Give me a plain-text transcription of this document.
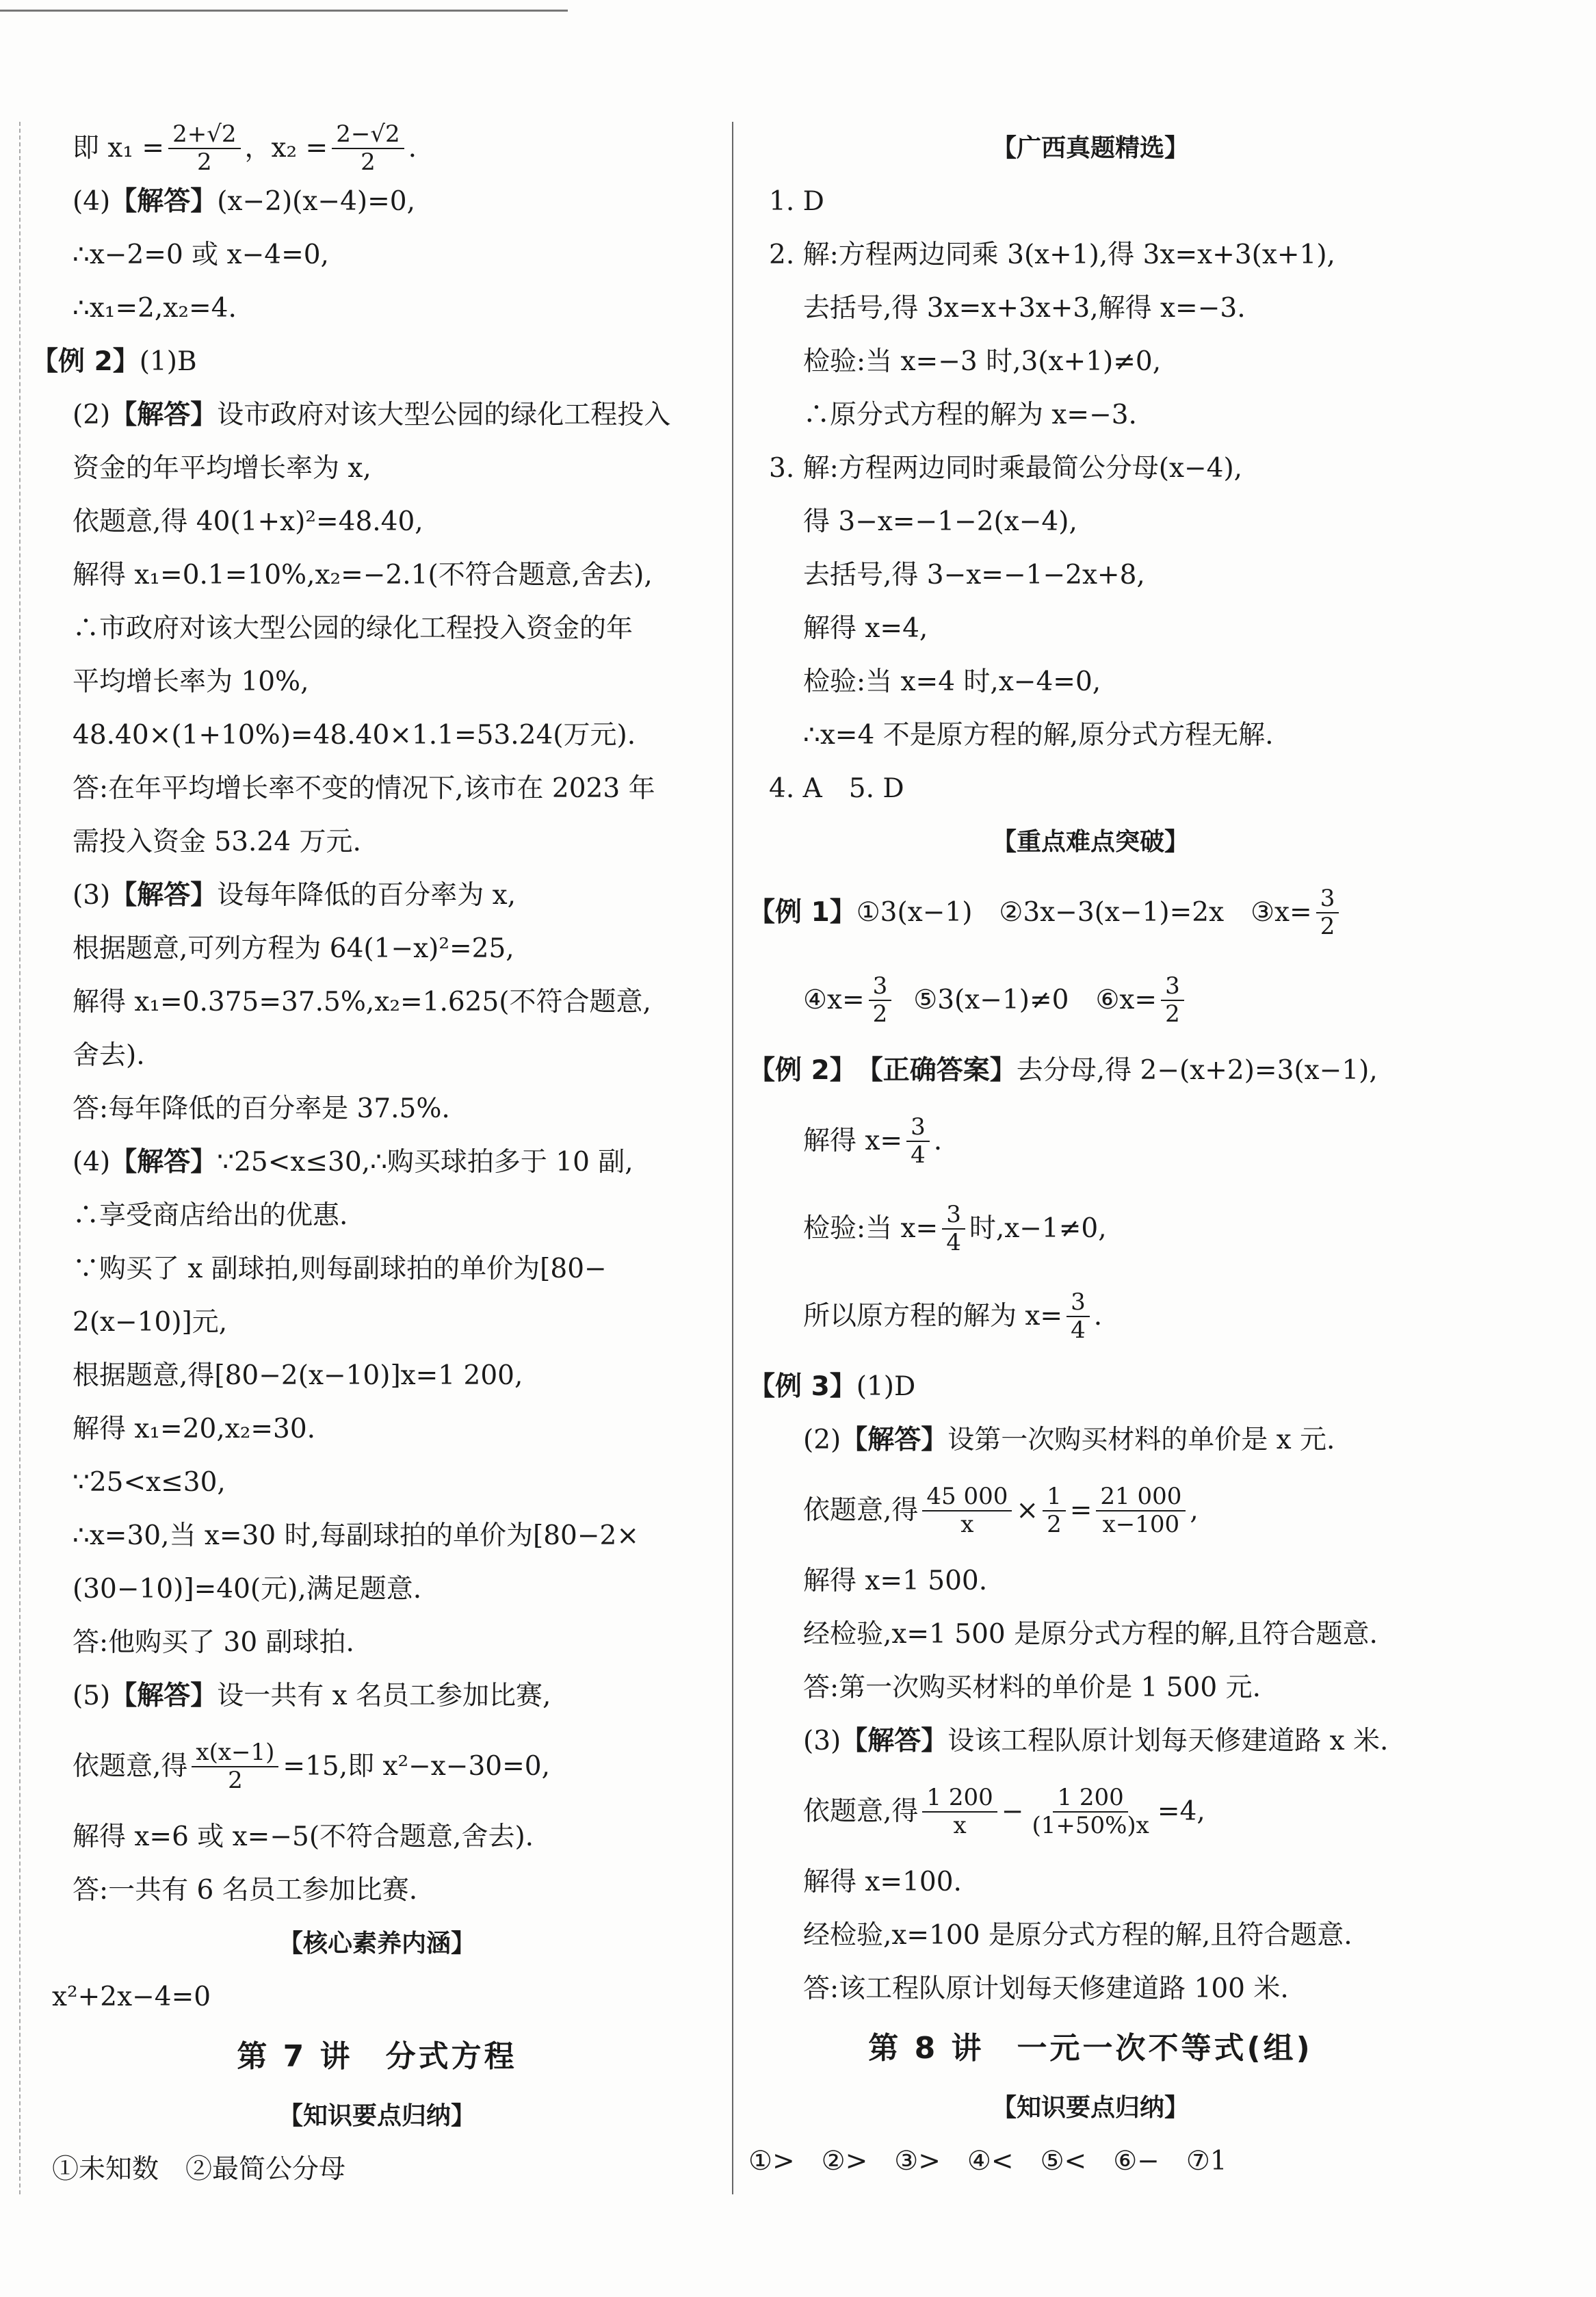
即 $x_1 = \frac{2+√2}{2}$ ，$x_2 = \frac{2-√2}{2}$ .
(4) 【解答】 (x−2)(x−4)=0,
∴x−2=0 或 x−4=0,
∴x₁=2,x₂=4.
【例 2】 (1)B
(2) 【解答】 设市政府对该大型公园的绿化工程投入
资金的年平均增长率为 x,
依题意,得 40(1+x)²=48.40,
解得 x₁=0.1=10%,x₂=−2.1(不符合题意,舍去),
∴市政府对该大型公园的绿化工程投入资金的年
平均增长率为 10%,
48.40×(1+10%)=48.40×1.1=53.24(万元).
答:在年平均增长率不变的情况下,该市在 2023 年
需投入资金 53.24 万元.
(3) 【解答】 设每年降低的百分率为 x,
根据题意,可列方程为 64(1−x)²=25,
解得 x₁=0.375=37.5%,x₂=1.625(不符合题意,
舍去).
答:每年降低的百分率是 37.5%.
(4) 【解答】 ∵25<x≤30,∴购买球拍多于 10 副,
∴享受商店给出的优惠.
∵购买了 x 副球拍,则每副球拍的单价为[80−
2(x−10)]元,
根据题意,得[80−2(x−10)]x=1 200,
解得 x₁=20,x₂=30.
∵25<x≤30,
∴x=30,当 x=30 时,每副球拍的单价为[80−2×
(30−10)]=40(元),满足题意.
答:他购买了 30 副球拍.
(5) 【解答】 设一共有 x 名员工参加比赛,
依题意,得 $\frac{x(x-1)}{2} =15$,即 x²−x−30=0,
解得 x=6 或 x=−5(不符合题意,舍去).
答:一共有 6 名员工参加比赛.
【核心素养内涵】
x²+2x−4=0
第 7 讲　分式方程
【知识要点归纳】
①未知数　②最简公分母
【广西真题精选】
1. D
2. 解:方程两边同乘 3(x+1),得 3x=x+3(x+1),
去括号,得 3x=x+3x+3,解得 x=−3.
检验:当 x=−3 时,3(x+1)≠0,
∴原分式方程的解为 x=−3.
3. 解:方程两边同时乘最简公分母(x−4),
得 3−x=−1−2(x−4),
去括号,得 3−x=−1−2x+8,
解得 x=4,
检验:当 x=4 时,x−4=0,
∴x=4 不是原方程的解,原分式方程无解.
4. A　5. D
【重点难点突破】
【例 1】 ①3(x−1)　②3x−3(x−1)=2x　③x= $\frac{3}{2}$
④x= $\frac{3}{2}$ ⑤3(x−1)≠0　⑥x= $\frac{3}{2}$
【例 2】 【正确答案】 去分母,得 2−(x+2)=3(x−1),
解得 $x= \frac{3}{4}$ .
检验:当 $x= \frac{3}{4}$ 时,x−1≠0,
所以原方程的解为 $x= \frac{3}{4}$ .
【例 3】 (1)D
(2) 【解答】 设第一次购买材料的单价是 x 元.
依题意,得 $\frac{45 000}{x} \times \frac{1}{2} = \frac{21 000}{x-100}$ ,
解得 x=1 500.
经检验,x=1 500 是原分式方程的解,且符合题意.
答:第一次购买材料的单价是 1 500 元.
(3) 【解答】 设该工程队原计划每天修建道路 x 米.
依题意,得 $\frac{1 200}{x} - \frac{1 200}{(1+50\%)x} =4$,
解得 x=100.
经检验,x=100 是原分式方程的解,且符合题意.
答:该工程队原计划每天修建道路 100 米.
第 8 讲　一元一次不等式(组)
【知识要点归纳】
①>　②>　③>　④<　⑤<　⑥−　⑦1
